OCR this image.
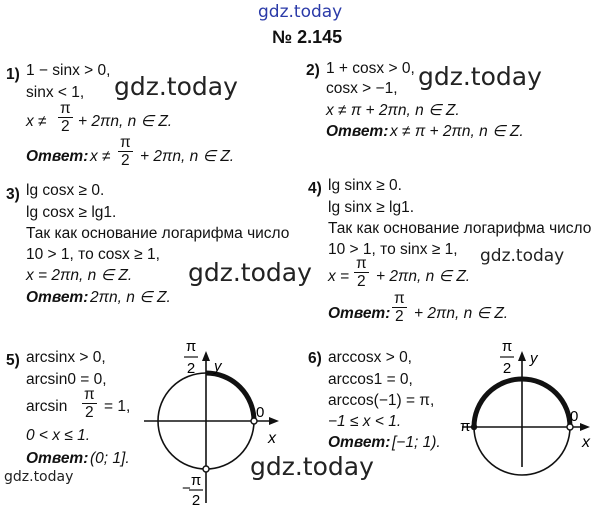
gdz.today
№ 2.145
gdz.today	gdz.today
gdz.today
gdz.today
gdz.today
gdz.today
1) 1 − sinx > 0,
sinx < 1,
$x \ne \frac{\pi}{2} + 2\pi n$, n ∈ Z.
Ответ: $x \ne \frac{\pi}{2} + 2\pi n$, n ∈ Z.
2) 1 + cosx > 0,
cosx > −1,
x ≠ π + 2πn, n ∈ Z.
Ответ: x ≠ π + 2πn, n ∈ Z.
3) lg cosx ≥ 0.
lg cosx ≥ lg1.
Так как основание логарифма число
10 > 1, то cosx ≥ 1,
x = 2πn, n ∈ Z.
Ответ: 2πn, n ∈ Z.
4) lg sinx ≥ 0.
lg sinx ≥ lg1.
Так как основание логарифма число
10 > 1, то sinx ≥ 1,
$x = \frac{\pi}{2} + 2\pi n$, n ∈ Z.
Ответ: $\frac{\pi}{2} + 2\pi n$, n ∈ Z.
5) arcsinx > 0,
arcsin0 = 0,
$\arcsin \frac{\pi}{2} = 1$,
0 < x ≤ 1.
Ответ: (0; 1].
π
2 y
x
0
− π
2
6) arccosx > 0,
arccos1 = 0,
arccos(−1) = π,
−1 ≤ x < 1.
Ответ: [−1; 1).
π
2
y
x
0
π
